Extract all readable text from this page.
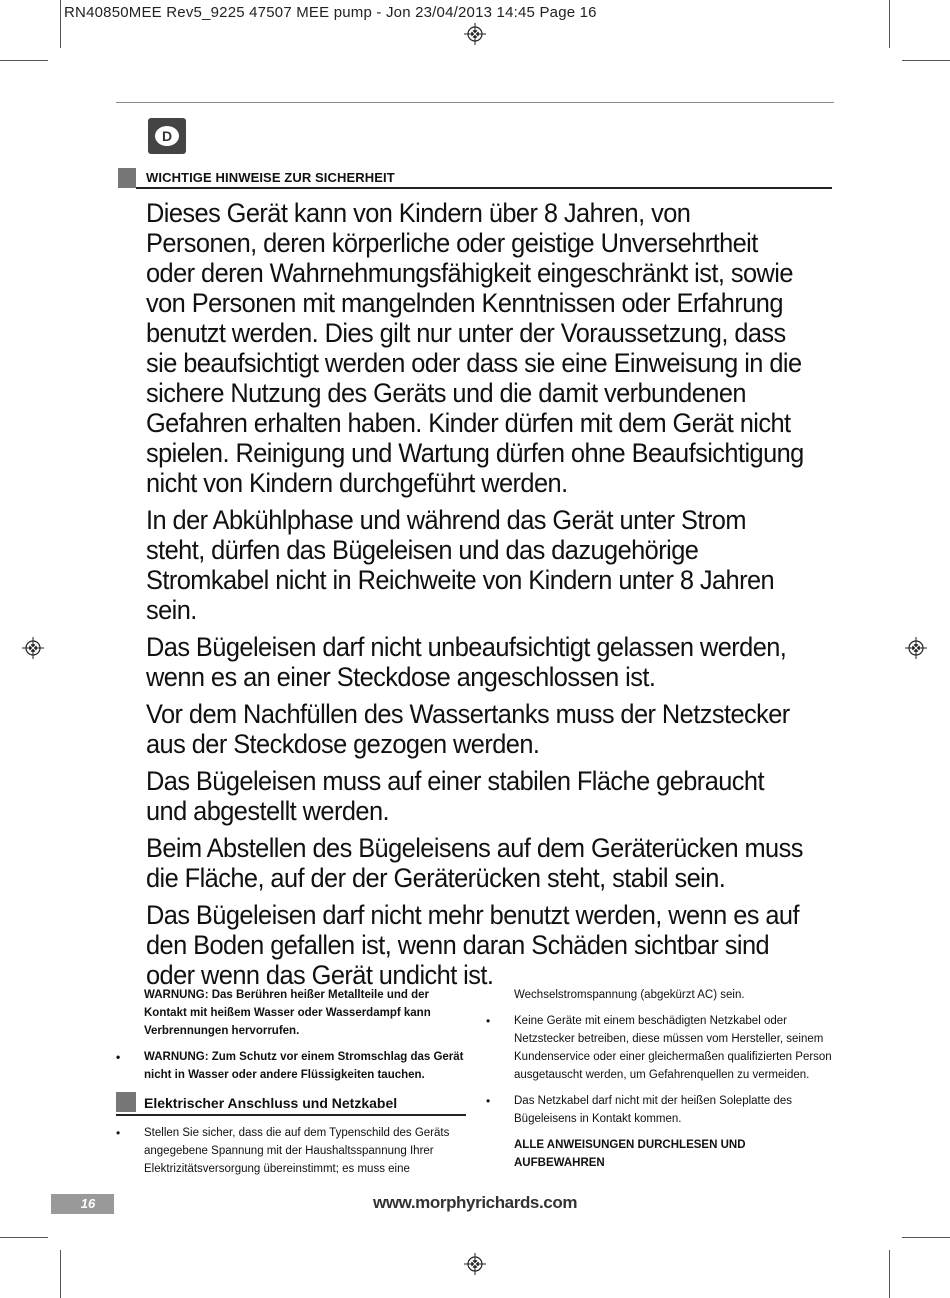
RN40850MEE Rev5_9225 47507 MEE pump - Jon 23/04/2013 14:45 Page 16
D
WICHTIGE HINWEISE ZUR SICHERHEIT

Dieses Gerät kann von Kindern über 8 Jahren, von Personen, deren körperliche oder geistige Unversehrtheit oder deren Wahrnehmungsfähigkeit eingeschränkt ist, sowie von Personen mit mangelnden Kenntnissen oder Erfahrung benutzt werden. Dies gilt nur unter der Voraussetzung, dass sie beaufsichtigt werden oder dass sie eine Einweisung in die sichere Nutzung des Geräts und die damit verbundenen Gefahren erhalten haben. Kinder dürfen mit dem Gerät nicht spielen. Reinigung und Wartung dürfen ohne Beaufsichtigung nicht von Kindern durchgeführt werden.

In der Abkühlphase und während das Gerät unter Strom steht, dürfen das Bügeleisen und das dazugehörige Stromkabel nicht in Reichweite von Kindern unter 8 Jahren sein.

Das Bügeleisen darf nicht unbeaufsichtigt gelassen werden, wenn es an einer Steckdose angeschlossen ist.

Vor dem Nachfüllen des Wassertanks muss der Netzstecker aus der Steckdose gezogen werden.

Das Bügeleisen muss auf einer stabilen Fläche gebraucht und abgestellt werden.

Beim Abstellen des Bügeleisens auf dem Geräterücken muss die Fläche, auf der der Geräterücken steht, stabil sein.

Das Bügeleisen darf nicht mehr benutzt werden, wenn es auf den Boden gefallen ist, wenn daran Schäden sichtbar sind oder wenn das Gerät undicht ist.

WARNUNG: Das Berühren heißer Metallteile und der Kontakt mit heißem Wasser oder Wasserdampf kann Verbrennungen hervorrufen.
• WARNUNG: Zum Schutz vor einem Stromschlag das Gerät nicht in Wasser oder andere Flüssigkeiten tauchen.
Elektrischer Anschluss und Netzkabel
• Stellen Sie sicher, dass die auf dem Typenschild des Geräts angegebene Spannung mit der Haushaltsspannung Ihrer Elektrizitätsversorgung übereinstimmt; es muss eine
Wechselstromspannung (abgekürzt AC) sein.
• Keine Geräte mit einem beschädigten Netzkabel oder Netzstecker betreiben, diese müssen vom Hersteller, seinem Kundenservice oder einer gleichermaßen qualifizierten Person ausgetauscht werden, um Gefahrenquellen zu vermeiden.
• Das Netzkabel darf nicht mit der heißen Soleplatte des Bügeleisens in Kontakt kommen.
ALLE ANWEISUNGEN DURCHLESEN UND AUFBEWAHREN
16	www.morphyrichards.com
